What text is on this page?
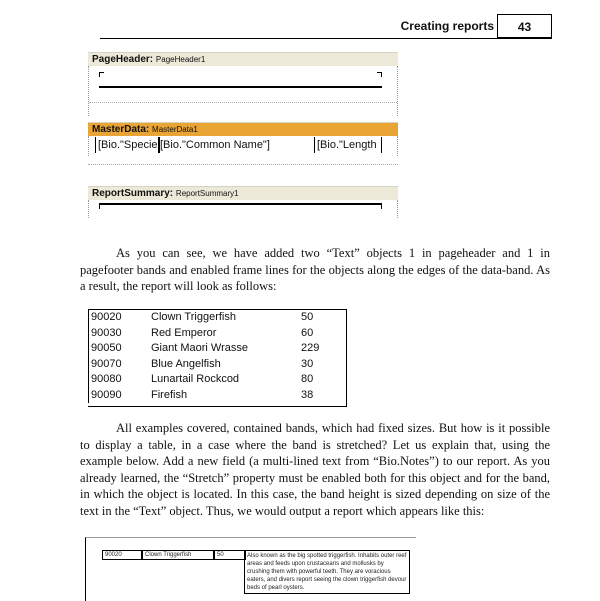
Creating reports	43
PageHeader: PageHeader1
MasterData: MasterData1
[Bio."Specie [Bio."Common Name"]	[Bio."Length
ReportSummary: ReportSummary1
As you can see, we have added two “Text” objects 1 in pageheader and 1 in pagefooter bands and enabled frame lines for the objects along the edges of the data-band. As a result, the report will look as follows:
90020	Clown Triggerfish	50
90030	Red Emperor	60
90050	Giant Maori Wrasse	229
90070	Blue Angelfish	30
90080	Lunartail Rockcod	80
90090	Firefish	38
All examples covered, contained bands, which had fixed sizes. But how is it possible to display a table, in a case where the band is stretched? Let us explain that, using the example below. Add a new field (a multi-lined text from “Bio.Notes”) to our report. As you already learned, the “Stretch” property must be enabled both for this object and for the band, in which the object is located. In this case, the band height is sized depending on size of the text in the “Text” object. Thus, we would output a report which appears like this:
90020	Clown Triggerfish	50	Also known as the big spotted triggerfish. Inhabits outer reef areas and feeds upon crustaceans and mollusks by crushing them with powerful teeth. They are voracious eaters, and divers report seeing the clown triggerfish devour beds of pearl oysters.
